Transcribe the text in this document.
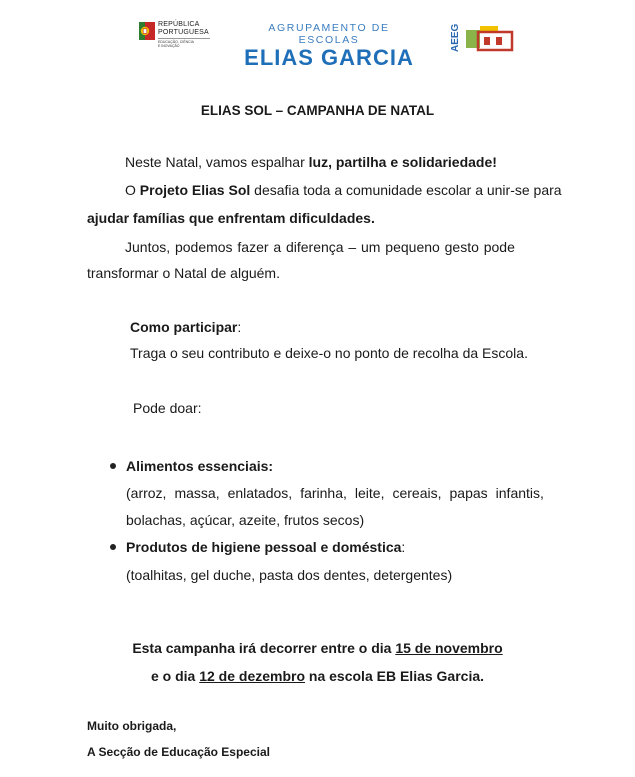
REPÚBLICA
PORTUGUESA
EDUCAÇÃO, CIÊNCIA
E INOVAÇÃO
AGRUPAMENTO DE ESCOLAS
ELIAS GARCIA
AEEG
ELIAS SOL – CAMPANHA DE NATAL
Neste Natal, vamos espalhar luz, partilha e solidariedade!
O Projeto Elias Sol desafia toda a comunidade escolar a unir-se para
ajudar famílias que enfrentam dificuldades.
Juntos, podemos fazer a diferença – um pequeno gesto pode
transformar o Natal de alguém.
Como participar:
Traga o seu contributo e deixe-o no ponto de recolha da Escola.
Pode doar:
Alimentos essenciais:
(arroz, massa, enlatados, farinha, leite, cereais, papas infantis,
bolachas, açúcar, azeite, frutos secos)
Produtos de higiene pessoal e doméstica:
(toalhitas, gel duche, pasta dos dentes, detergentes)
Esta campanha irá decorrer entre o dia 15 de novembro
e o dia 12 de dezembro na escola EB Elias Garcia.
Muito obrigada,
A Secção de Educação Especial
